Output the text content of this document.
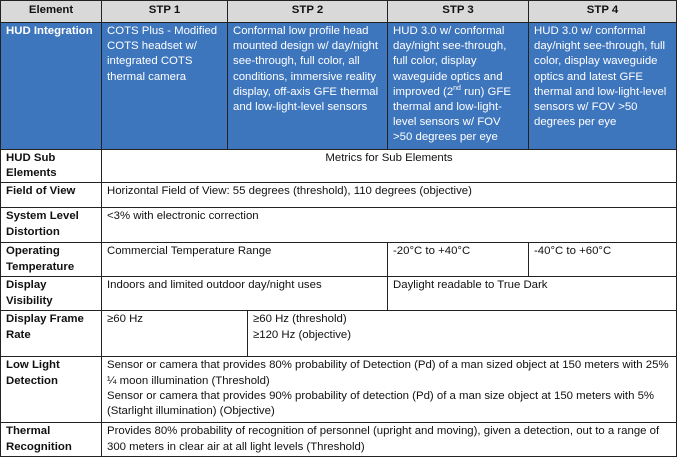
Element	STP 1	STP 2		STP 3	STP 4
HUD Integration	COTS Plus - Modified COTS headset w/ integrated COTS thermal camera	Conformal low profile head mounted design w/ day/night see-through, full color, all conditions, immersive reality display, off-axis GFE thermal and low-light-level sensors		HUD 3.0 w/ conformal day/night see-through, full color, display waveguide optics and improved (2nd run) GFE thermal and low-light-level sensors w/ FOV >50 degrees per eye	HUD 3.0 w/ conformal day/night see-through, full color, display waveguide optics and latest GFE thermal and low-light-level sensors w/ FOV >50 degrees per eye
HUD Sub Elements	Metrics for Sub Elements				
Field of View	Horizontal Field of View: 55 degrees (threshold), 110 degrees (objective)				
System Level Distortion	<3% with electronic correction				
Operating Temperature	Commercial Temperature Range			-20°C to +40°C	-40°C to +60°C
Display Visibility	Indoors and limited outdoor day/night uses			Daylight readable to True Dark	
Display Frame Rate	≥60 Hz		≥60 Hz (threshold)
≥120 Hz (objective)		

Low Light Detection	Sensor or camera that provides 80% probability of Detection (Pd) of a man sized object at 150 meters with 25% ¼ moon illumination (Threshold)
Sensor or camera that provides 90% probability of detection (Pd) of a man size object at 150 meters with 5% (Starlight illumination) (Objective)				

Thermal Recognition	Provides 80% probability of recognition of personnel (upright and moving), given a detection, out to a range of 300 meters in clear air at all light levels (Threshold)				
